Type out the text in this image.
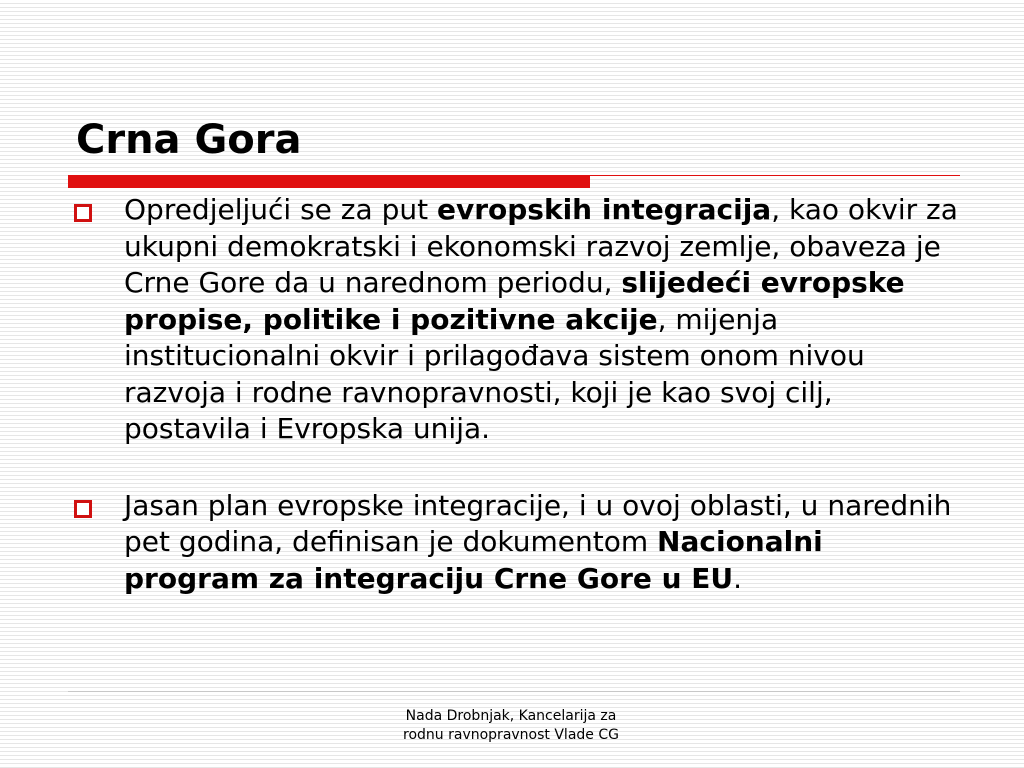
Crna Gora
Opredjeljući se za put evropskih integracija, kao okvir za ukupni demokratski i ekonomski razvoj zemlje, obaveza je Crne Gore da u narednom periodu, slijedeći evropske propise, politike i pozitivne akcije, mijenja institucionalni okvir i prilagođava sistem onom nivou razvoja i rodne ravnopravnosti, koji je kao svoj cilj, postavila i Evropska unija.
Jasan plan evropske integracije, i u ovoj oblasti, u narednih pet godina, definisan je dokumentom Nacionalni program za integraciju Crne Gore u EU.

Nada Drobnjak, Kancelarija za
rodnu ravnopravnost Vlade CG
